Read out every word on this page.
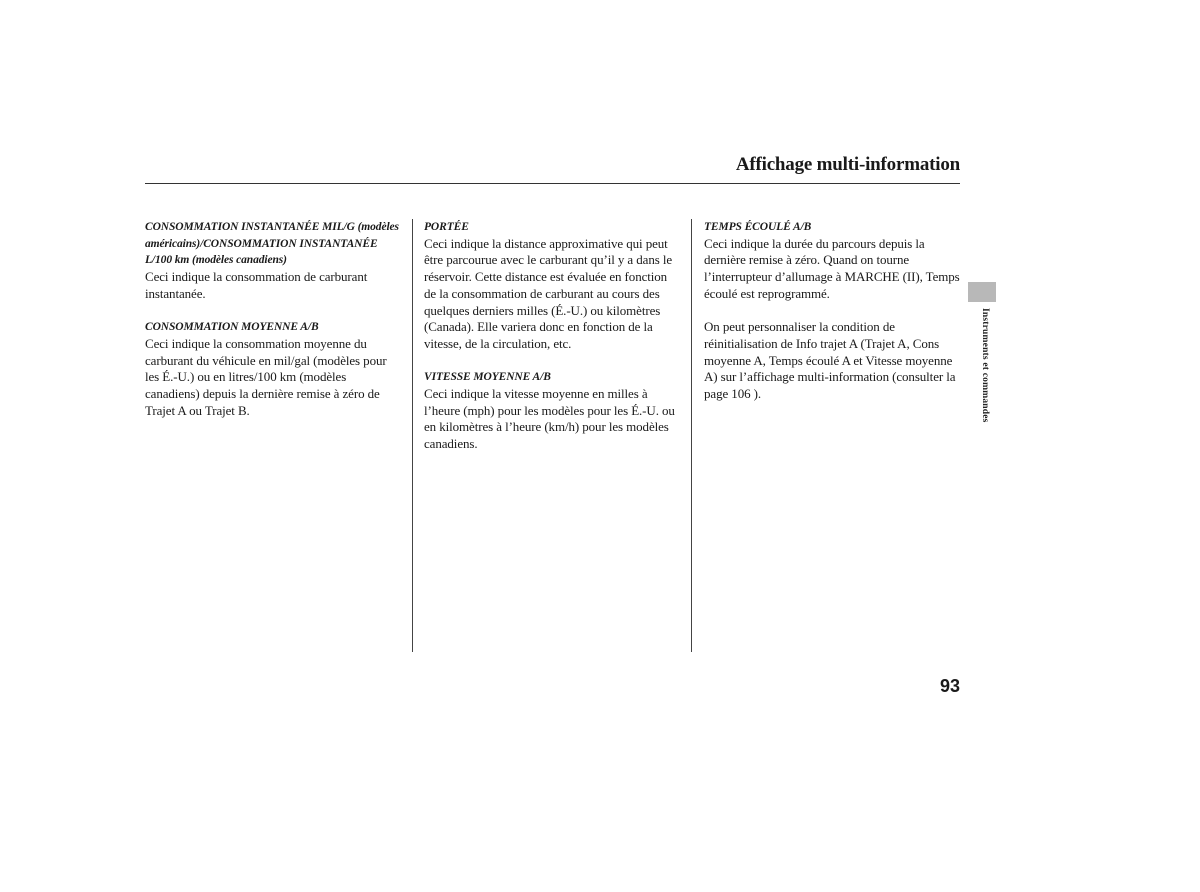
Affichage multi-information
CONSOMMATION INSTANTANÉE MIL/G (modèles américains)/CONSOMMATION INSTANTANÉE L/100 km (modèles canadiens)

Ceci indique la consommation de carburant instantanée.

CONSOMMATION MOYENNE A/B

Ceci indique la consommation moyenne du carburant du véhicule en mil/gal (modèles pour les É.-U.) ou en litres/100 km (modèles canadiens) depuis la dernière remise à zéro de Trajet A ou Trajet B.

PORTÉE

Ceci indique la distance approximative qui peut être parcourue avec le carburant qu’il y a dans le réservoir. Cette distance est évaluée en fonction de la consommation de carburant au cours des quelques derniers milles (É.-U.) ou kilomètres (Canada). Elle variera donc en fonction de la vitesse, de la circulation, etc.

VITESSE MOYENNE A/B

Ceci indique la vitesse moyenne en milles à l’heure (mph) pour les modèles pour les É.-U. ou en kilomètres à l’heure (km/h) pour les modèles canadiens.

TEMPS ÉCOULÉ A/B

Ceci indique la durée du parcours depuis la dernière remise à zéro. Quand on tourne l’interrupteur d’allumage à MARCHE (II), Temps écoulé est reprogrammé.

On peut personnaliser la condition de réinitialisation de Info trajet A (Trajet A, Cons moyenne A, Temps écoulé A et Vitesse moyenne A) sur l’affichage multi-information (consulter la page 106 ).	Instruments et commandes
93
